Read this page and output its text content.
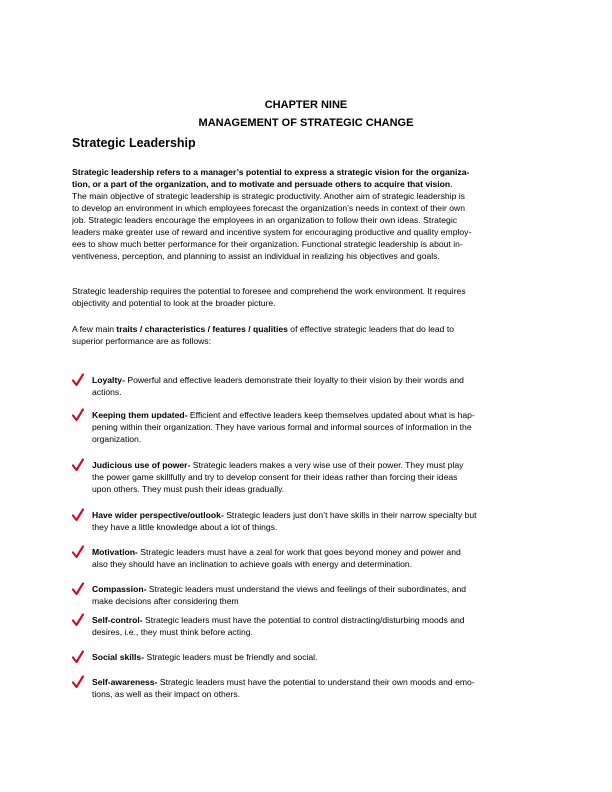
CHAPTER NINE
MANAGEMENT OF STRATEGIC CHANGE
Strategic Leadership
Strategic leadership refers to a manager’s potential to express a strategic vision for the organiza-
tion, or a part of the organization, and to motivate and persuade others to acquire that vision.
The main objective of strategic leadership is strategic productivity. Another aim of strategic leadership is
to develop an environment in which employees forecast the organization’s needs in context of their own
job. Strategic leaders encourage the employees in an organization to follow their own ideas. Strategic
leaders make greater use of reward and incentive system for encouraging productive and quality employ-
ees to show much better performance for their organization. Functional strategic leadership is about in-
ventiveness, perception, and planning to assist an individual in realizing his objectives and goals.
Strategic leadership requires the potential to foresee and comprehend the work environment. It requires
objectivity and potential to look at the broader picture.
A few main traits / characteristics / features / qualities of effective strategic leaders that do lead to
superior performance are as follows:
Loyalty- Powerful and effective leaders demonstrate their loyalty to their vision by their words and
actions.
Keeping them updated- Efficient and effective leaders keep themselves updated about what is hap-
pening within their organization. They have various formal and informal sources of information in the
organization.
Judicious use of power- Strategic leaders makes a very wise use of their power. They must play
the power game skillfully and try to develop consent for their ideas rather than forcing their ideas
upon others. They must push their ideas gradually.
Have wider perspective/outlook- Strategic leaders just don’t have skills in their narrow specialty but
they have a little knowledge about a lot of things.
Motivation- Strategic leaders must have a zeal for work that goes beyond money and power and
also they should have an inclination to achieve goals with energy and determination.
Compassion- Strategic leaders must understand the views and feelings of their subordinates, and
make decisions after considering them
Self-control- Strategic leaders must have the potential to control distracting/disturbing moods and
desires, i.e., they must think before acting.
Social skills- Strategic leaders must be friendly and social.
Self-awareness- Strategic leaders must have the potential to understand their own moods and emo-
tions, as well as their impact on others.
